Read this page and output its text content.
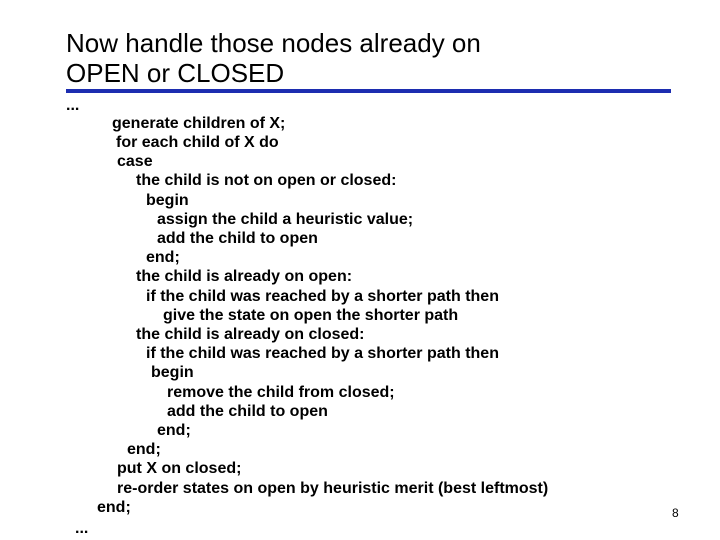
Now handle those nodes already on
OPEN or CLOSED
...
generate children of X;
for each child of X do
case
the child is not on open or closed:
begin
assign the child a heuristic value;
add the child to open
end;
the child is already on open:
if the child was reached by a shorter path then
give the state on open the shorter path
the child is already on closed:
if the child was reached by a shorter path then
begin
remove the child from closed;
add the child to open
end;
end;
put X on closed;
re-order states on open by heuristic merit (best leftmost)
end;
...
8
